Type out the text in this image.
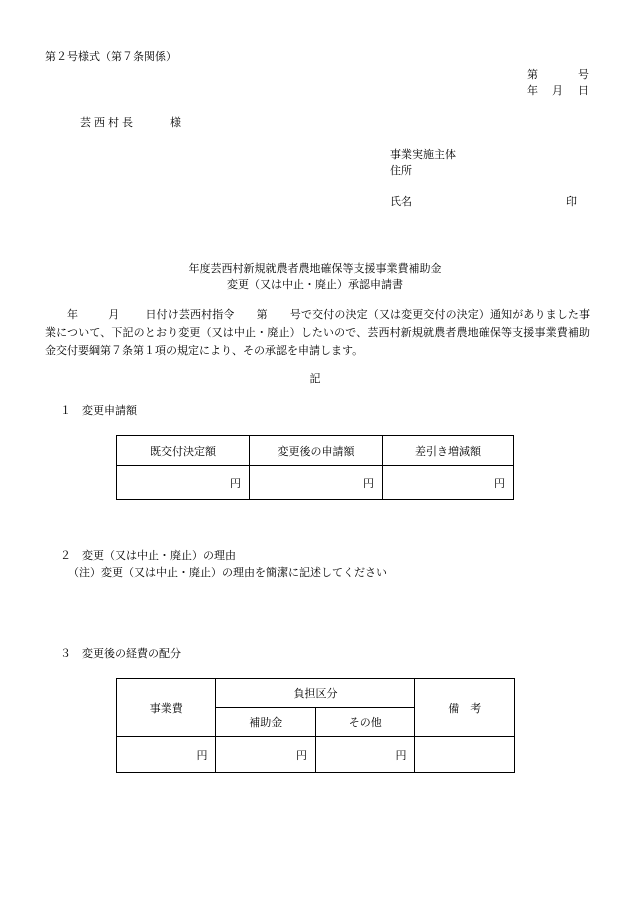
第２号様式（第７条関係）
第	号
年 月 日
芸西村長	様
事業実施主体
住所
氏名	印
年度芸西村新規就農者農地確保等支援事業費補助金
変更（又は中止・廃止）承認申請書
年	月 日付け芸西村指令 第 号で交付の決定（又は変更交付の決定）通知がありました事業について、下記のとおり変更（又は中止・廃止）したいので、芸西村新規就農者農地確保等支援事業費補助金交付要綱第７条第１項の規定により、その承認を申請します。
記
１　変更申請額
既交付決定額	変更後の申請額	差引き増減額
円	円	円
２　変更（又は中止・廃止）の理由
（注）変更（又は中止・廃止）の理由を簡潔に記述してください
３　変更後の経費の配分
事業費	負担区分		備　考
	補助金	その他	
円	円	円	
